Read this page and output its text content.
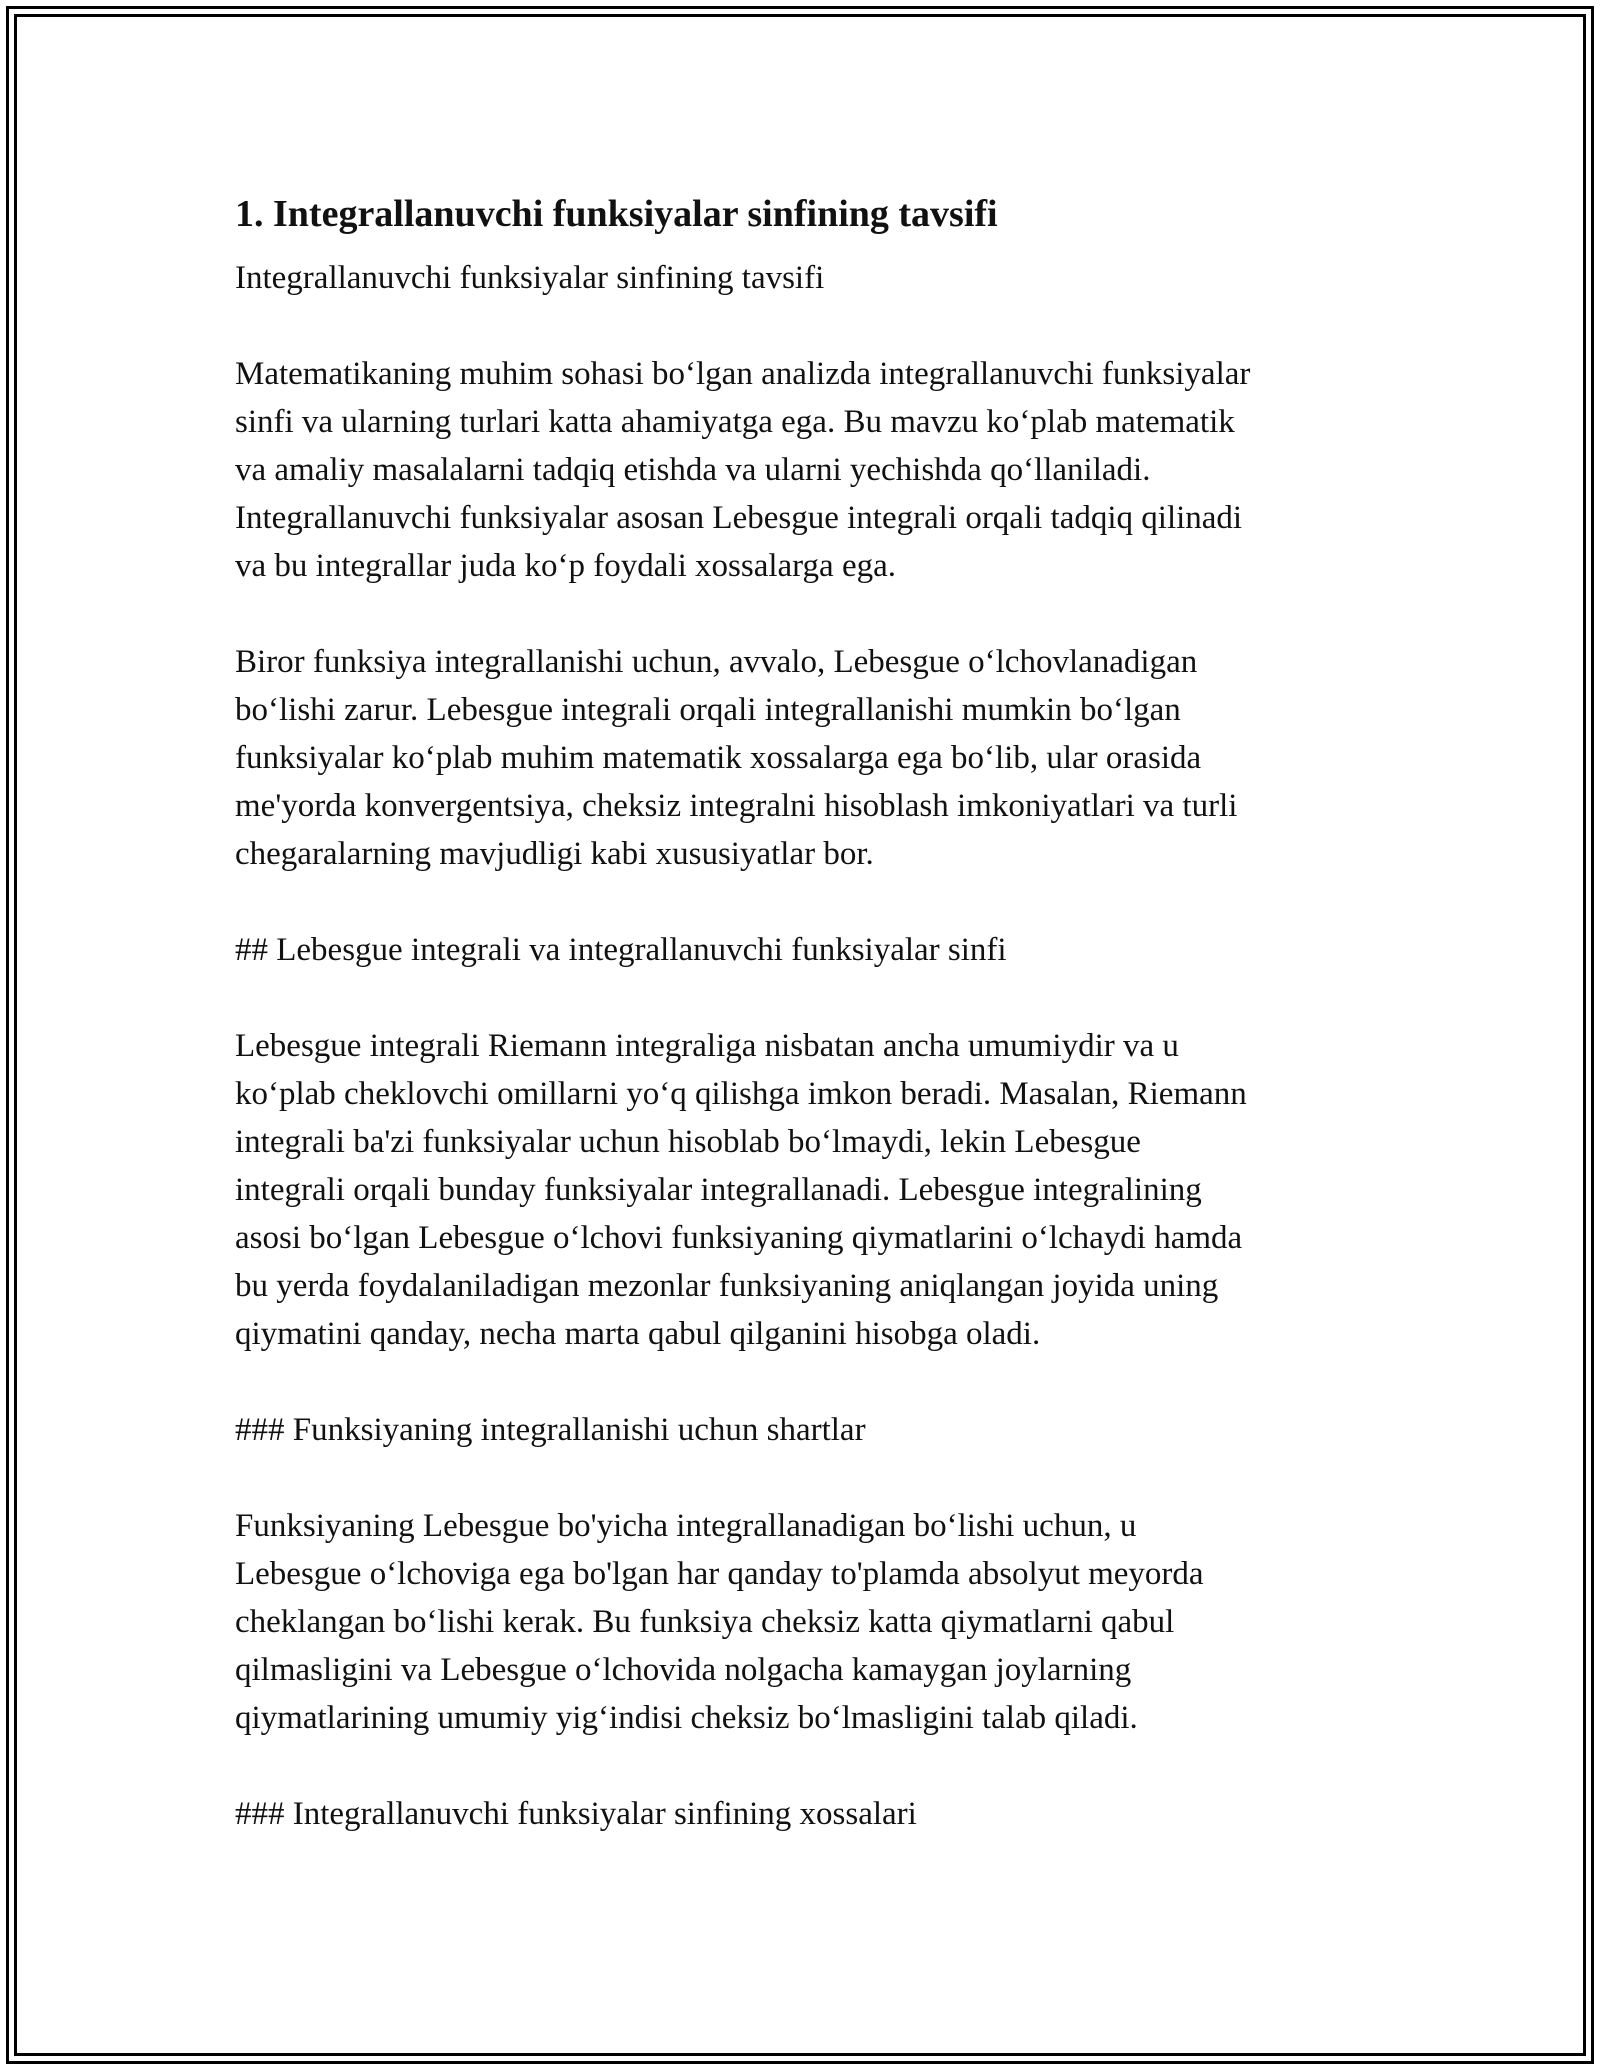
1. Integrallanuvchi funksiyalar sinfining tavsifi
Integrallanuvchi funksiyalar sinfining tavsifi
Matematikaning muhim sohasi bo‘lgan analizda integrallanuvchi funksiyalar
sinfi va ularning turlari katta ahamiyatga ega. Bu mavzu ko‘plab matematik
va amaliy masalalarni tadqiq etishda va ularni yechishda qo‘llaniladi.
Integrallanuvchi funksiyalar asosan Lebesgue integrali orqali tadqiq qilinadi
va bu integrallar juda ko‘p foydali xossalarga ega.
Biror funksiya integrallanishi uchun, avvalo, Lebesgue o‘lchovlanadigan
bo‘lishi zarur. Lebesgue integrali orqali integrallanishi mumkin bo‘lgan
funksiyalar ko‘plab muhim matematik xossalarga ega bo‘lib, ular orasida
me'yorda konvergentsiya, cheksiz integralni hisoblash imkoniyatlari va turli
chegaralarning mavjudligi kabi xususiyatlar bor.
## Lebesgue integrali va integrallanuvchi funksiyalar sinfi
Lebesgue integrali Riemann integraliga nisbatan ancha umumiydir va u
ko‘plab cheklovchi omillarni yo‘q qilishga imkon beradi. Masalan, Riemann
integrali ba'zi funksiyalar uchun hisoblab bo‘lmaydi, lekin Lebesgue
integrali orqali bunday funksiyalar integrallanadi. Lebesgue integralining
asosi bo‘lgan Lebesgue o‘lchovi funksiyaning qiymatlarini o‘lchaydi hamda
bu yerda foydalaniladigan mezonlar funksiyaning aniqlangan joyida uning
qiymatini qanday, necha marta qabul qilganini hisobga oladi.
### Funksiyaning integrallanishi uchun shartlar
Funksiyaning Lebesgue bo'yicha integrallanadigan bo‘lishi uchun, u
Lebesgue o‘lchoviga ega bo'lgan har qanday to'plamda absolyut meyorda
cheklangan bo‘lishi kerak. Bu funksiya cheksiz katta qiymatlarni qabul
qilmasligini va Lebesgue o‘lchovida nolgacha kamaygan joylarning
qiymatlarining umumiy yig‘indisi cheksiz bo‘lmasligini talab qiladi.
### Integrallanuvchi funksiyalar sinfining xossalari
